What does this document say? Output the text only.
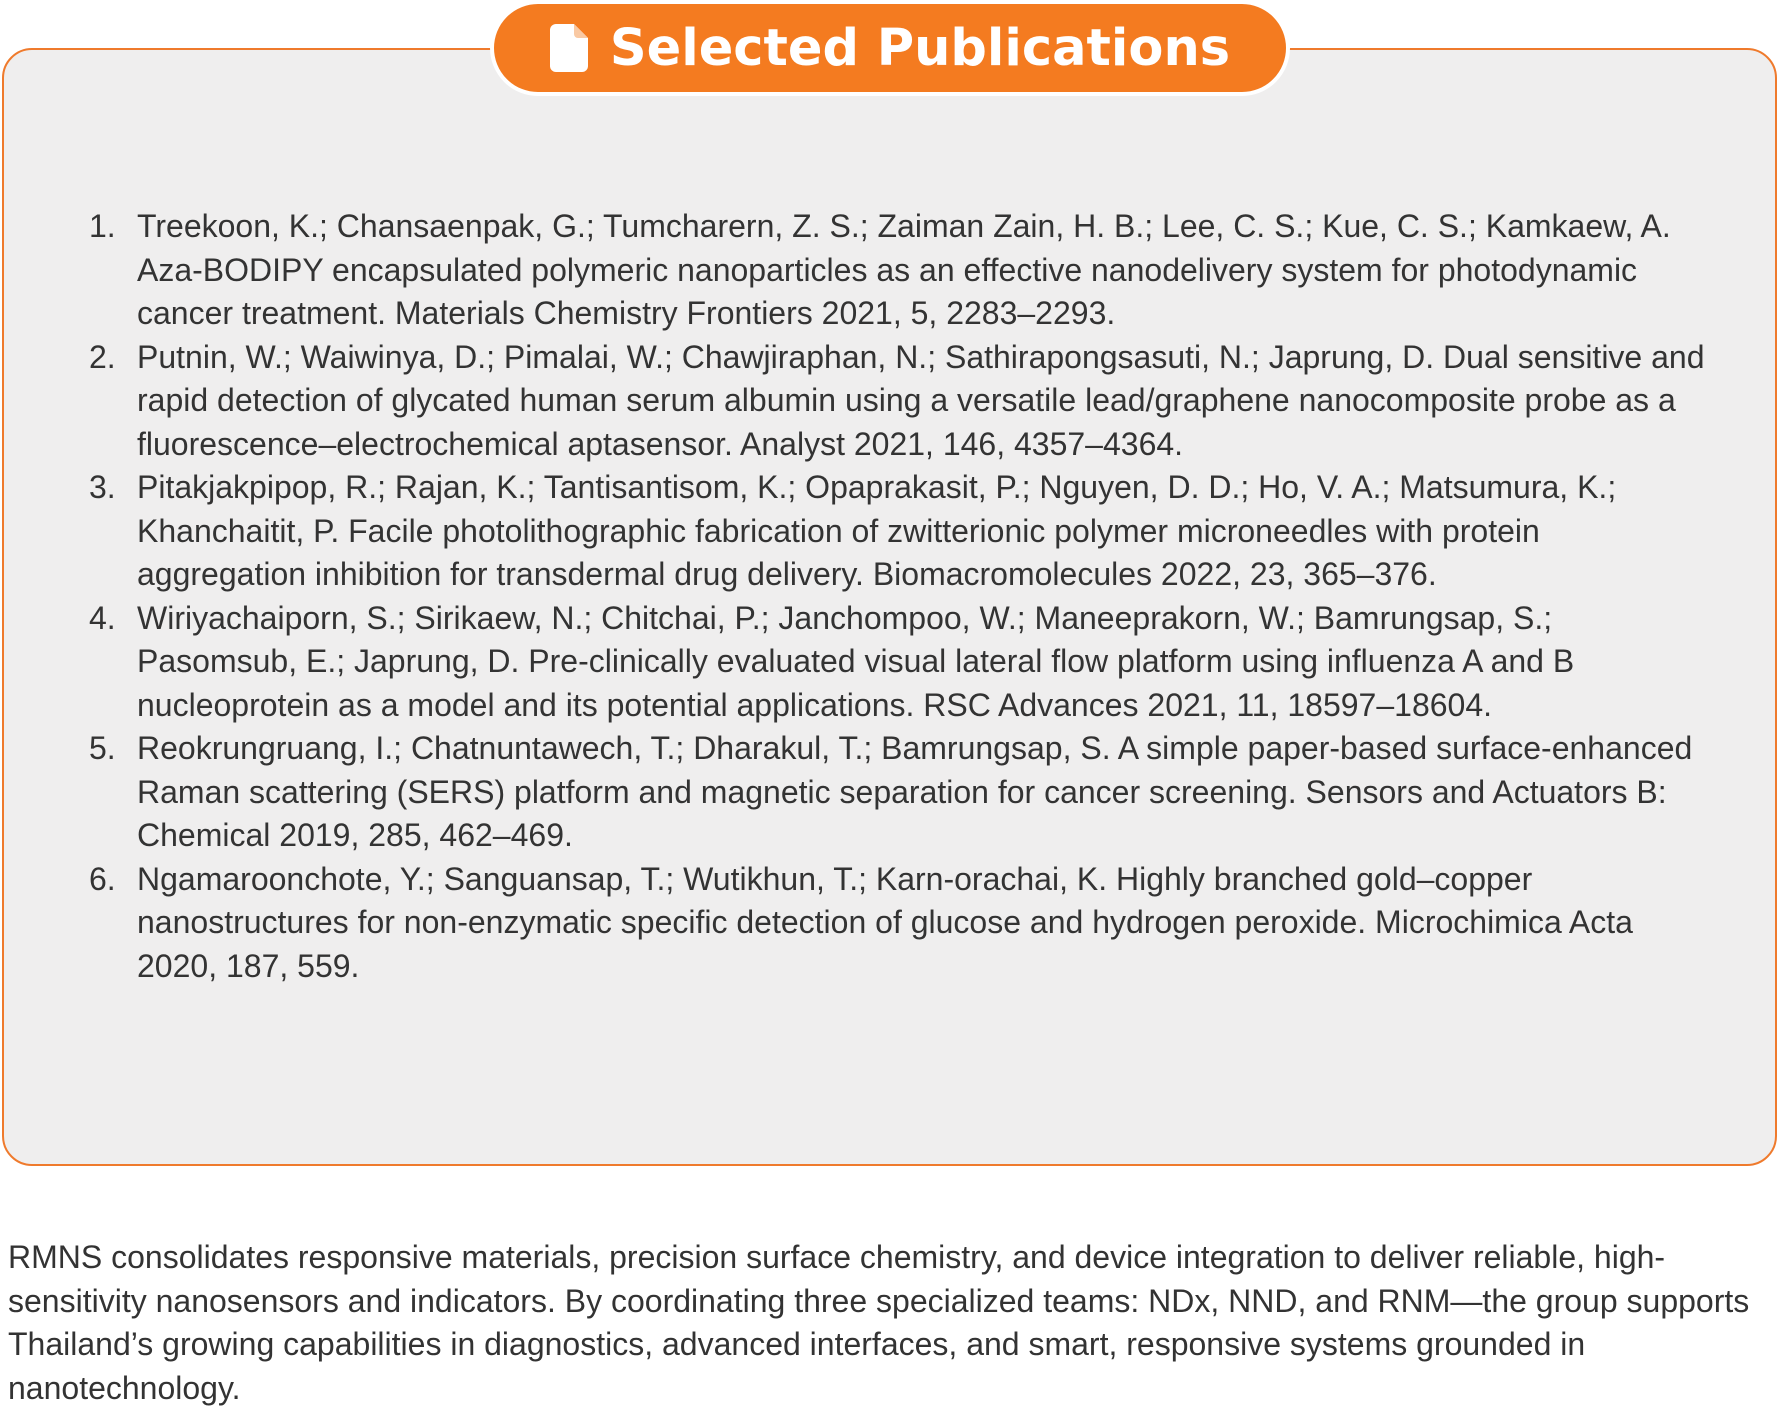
1. Treekoon, K.; Chansaenpak, G.; Tumcharern, Z. S.; Zaiman Zain, H. B.; Lee, C. S.; Kue, C. S.; Kamkaew, A. Aza-BODIPY encapsulated polymeric nanoparticles as an effective nanodelivery system for photodynamic cancer treatment. Materials Chemistry Frontiers 2021, 5, 2283–2293.
2. Putnin, W.; Waiwinya, D.; Pimalai, W.; Chawjiraphan, N.; Sathirapongsasuti, N.; Japrung, D. Dual sensitive and rapid detection of glycated human serum albumin using a versatile lead/graphene nanocomposite probe as a fluorescence–electrochemical aptasensor. Analyst 2021, 146, 4357–4364.
3. Pitakjakpipop, R.; Rajan, K.; Tantisantisom, K.; Opaprakasit, P.; Nguyen, D. D.; Ho, V. A.; Matsumura, K.; Khanchaitit, P. Facile photolithographic fabrication of zwitterionic polymer microneedles with protein aggregation inhibition for transdermal drug delivery. Biomacromolecules 2022, 23, 365–376.
4. Wiriyachaiporn, S.; Sirikaew, N.; Chitchai, P.; Janchompoo, W.; Maneeprakorn, W.; Bamrungsap, S.; Pasomsub, E.; Japrung, D. Pre-clinically evaluated visual lateral flow platform using influenza A and B nucleoprotein as a model and its potential applications. RSC Advances 2021, 11, 18597–18604.
5. Reokrungruang, I.; Chatnuntawech, T.; Dharakul, T.; Bamrungsap, S. A simple paper-based surface-enhanced Raman scattering (SERS) platform and magnetic separation for cancer screening. Sensors and Actuators B: Chemical 2019, 285, 462–469.
6. Ngamaroonchote, Y.; Sanguansap, T.; Wutikhun, T.; Karn-orachai, K. Highly branched gold–copper nanostructures for non-enzymatic specific detection of glucose and hydrogen peroxide. Microchimica Acta 2020, 187, 559.
Selected Publications

RMNS consolidates responsive materials, precision surface chemistry, and device integration to deliver reliable, high-sensitivity nanosensors and indicators. By coordinating three specialized teams: NDx, NND, and RNM—the group supports Thailand’s growing capabilities in diagnostics, advanced interfaces, and smart, responsive systems grounded in nanotechnology.
